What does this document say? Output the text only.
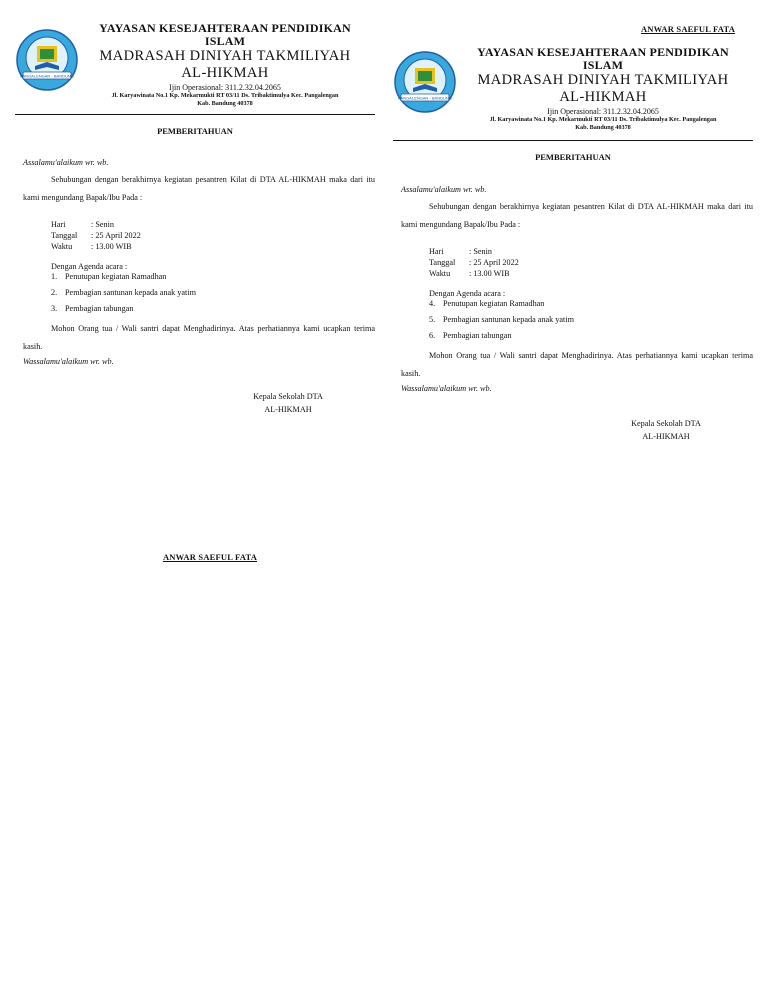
PANGALENGAN - BANDUNG
YAYASAN KESEJAHTERAAN PENDIDIKAN
ISLAM
MADRASAH DINIYAH TAKMILIYAH
AL-HIKMAH
Ijin Operasional: 311.2.32.04.2065
Jl. Karyawinata No.1 Kp. Mekarmukti RT 03/11 Ds. Tribaktimulya Kec. Pangalengan
Kab. Bandung 40378
PEMBERITAHUAN
Assalamu'alaikum wr. wb.

Sehubungan dengan berakhirnya kegiatan pesantren Kilat di DTA AL-HIKMAH maka dari itu kami mengundang Bapak/Ibu Pada :

Hari	: Senin
Tanggal	: 25 April 2022
Waktu	: 13.00 WIB
Dengan Agenda acara :
1. Penutupan kegiatan Ramadhan
2. Pembagian santunan kepada anak yatim
3. Pembagian tabungan

Mohon Orang tua / Wali santri dapat Menghadirinya. Atas perhatiannya kami ucapkan terima kasih.

Wassalamu'alaikum wr. wb.
Kepala Sekolah DTA
AL-HIKMAH
ANWAR SAEFUL FATA
ANWAR SAEFUL FATA
PANGALENGAN - BANDUNG
YAYASAN KESEJAHTERAAN PENDIDIKAN
ISLAM
MADRASAH DINIYAH TAKMILIYAH
AL-HIKMAH
Ijin Operasional: 311.2.32.04.2065
Jl. Karyawinata No.1 Kp. Mekarmukti RT 03/11 Ds. Tribaktimulya Kec. Pangalengan
Kab. Bandung 40378
PEMBERITAHUAN
Assalamu'alaikum wr. wb.

Sehubungan dengan berakhirnya kegiatan pesantren Kilat di DTA AL-HIKMAH maka dari itu kami mengundang Bapak/Ibu Pada :

Hari	: Senin
Tanggal	: 25 April 2022
Waktu	: 13.00 WIB
Dengan Agenda acara :
4. Penutupan kegiatan Ramadhan
5. Pembagian santunan kepada anak yatim
6. Pembagian tabungan

Mohon Orang tua / Wali santri dapat Menghadirinya. Atas perhatiannya kami ucapkan terima kasih.

Wassalamu'alaikum wr. wb.
Kepala Sekolah DTA
AL-HIKMAH
